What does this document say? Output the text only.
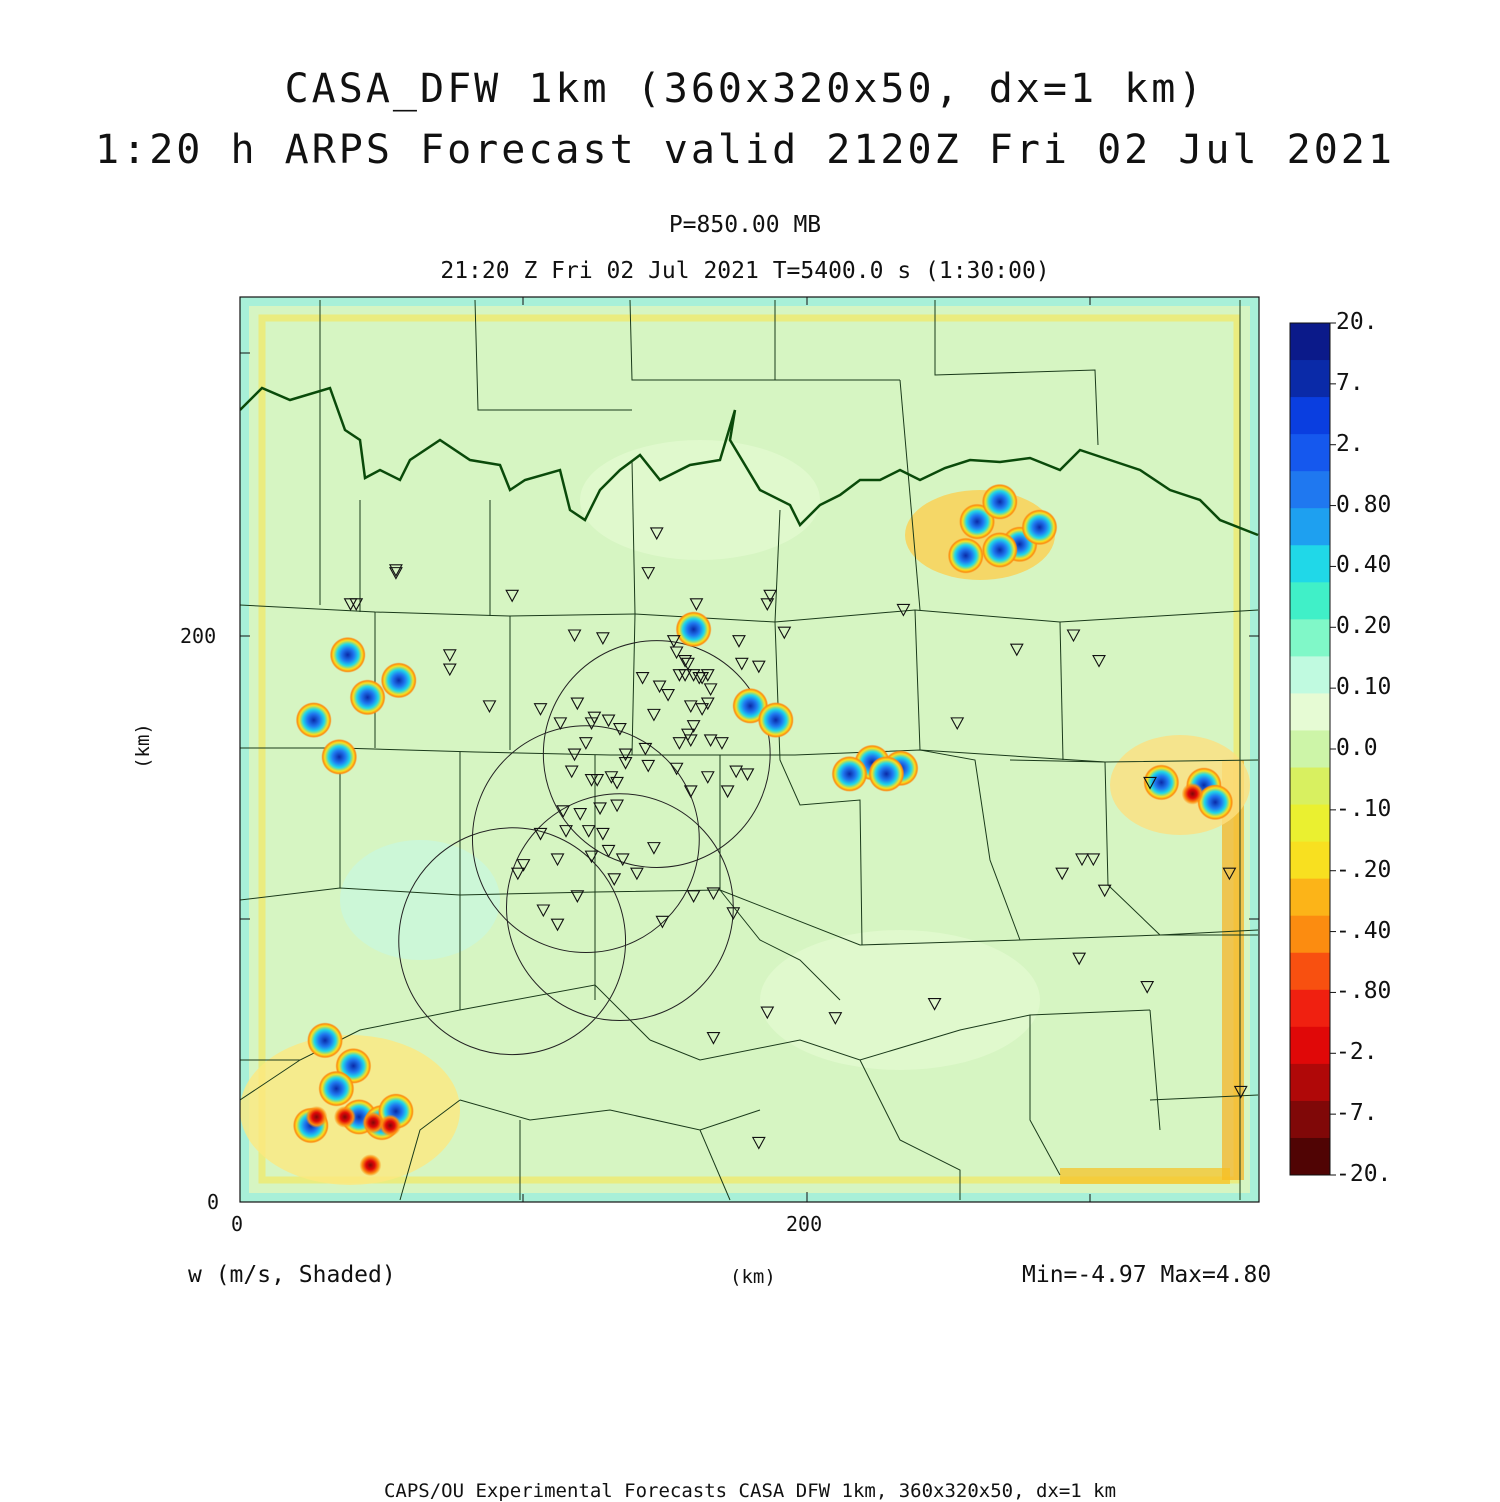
CASA_DFW 1km (360x320x50, dx=1 km)
1:20 h ARPS Forecast valid 2120Z Fri 02 Jul 2021
P=850.00 MB
21:20 Z Fri 02 Jul 2021 T=5400.0 s (1:30:00)
0	200
0
200
(km)
(km)
w (m/s, Shaded)	Min=-4.97 Max=4.80
20.
7.
2.
0.80
0.40
0.20
0.10
0.0
-.10
-.20
-.40
-.80
-2.
-7.
-20.
CAPS/OU Experimental Forecasts CASA DFW 1km, 360x320x50, dx=1 km
